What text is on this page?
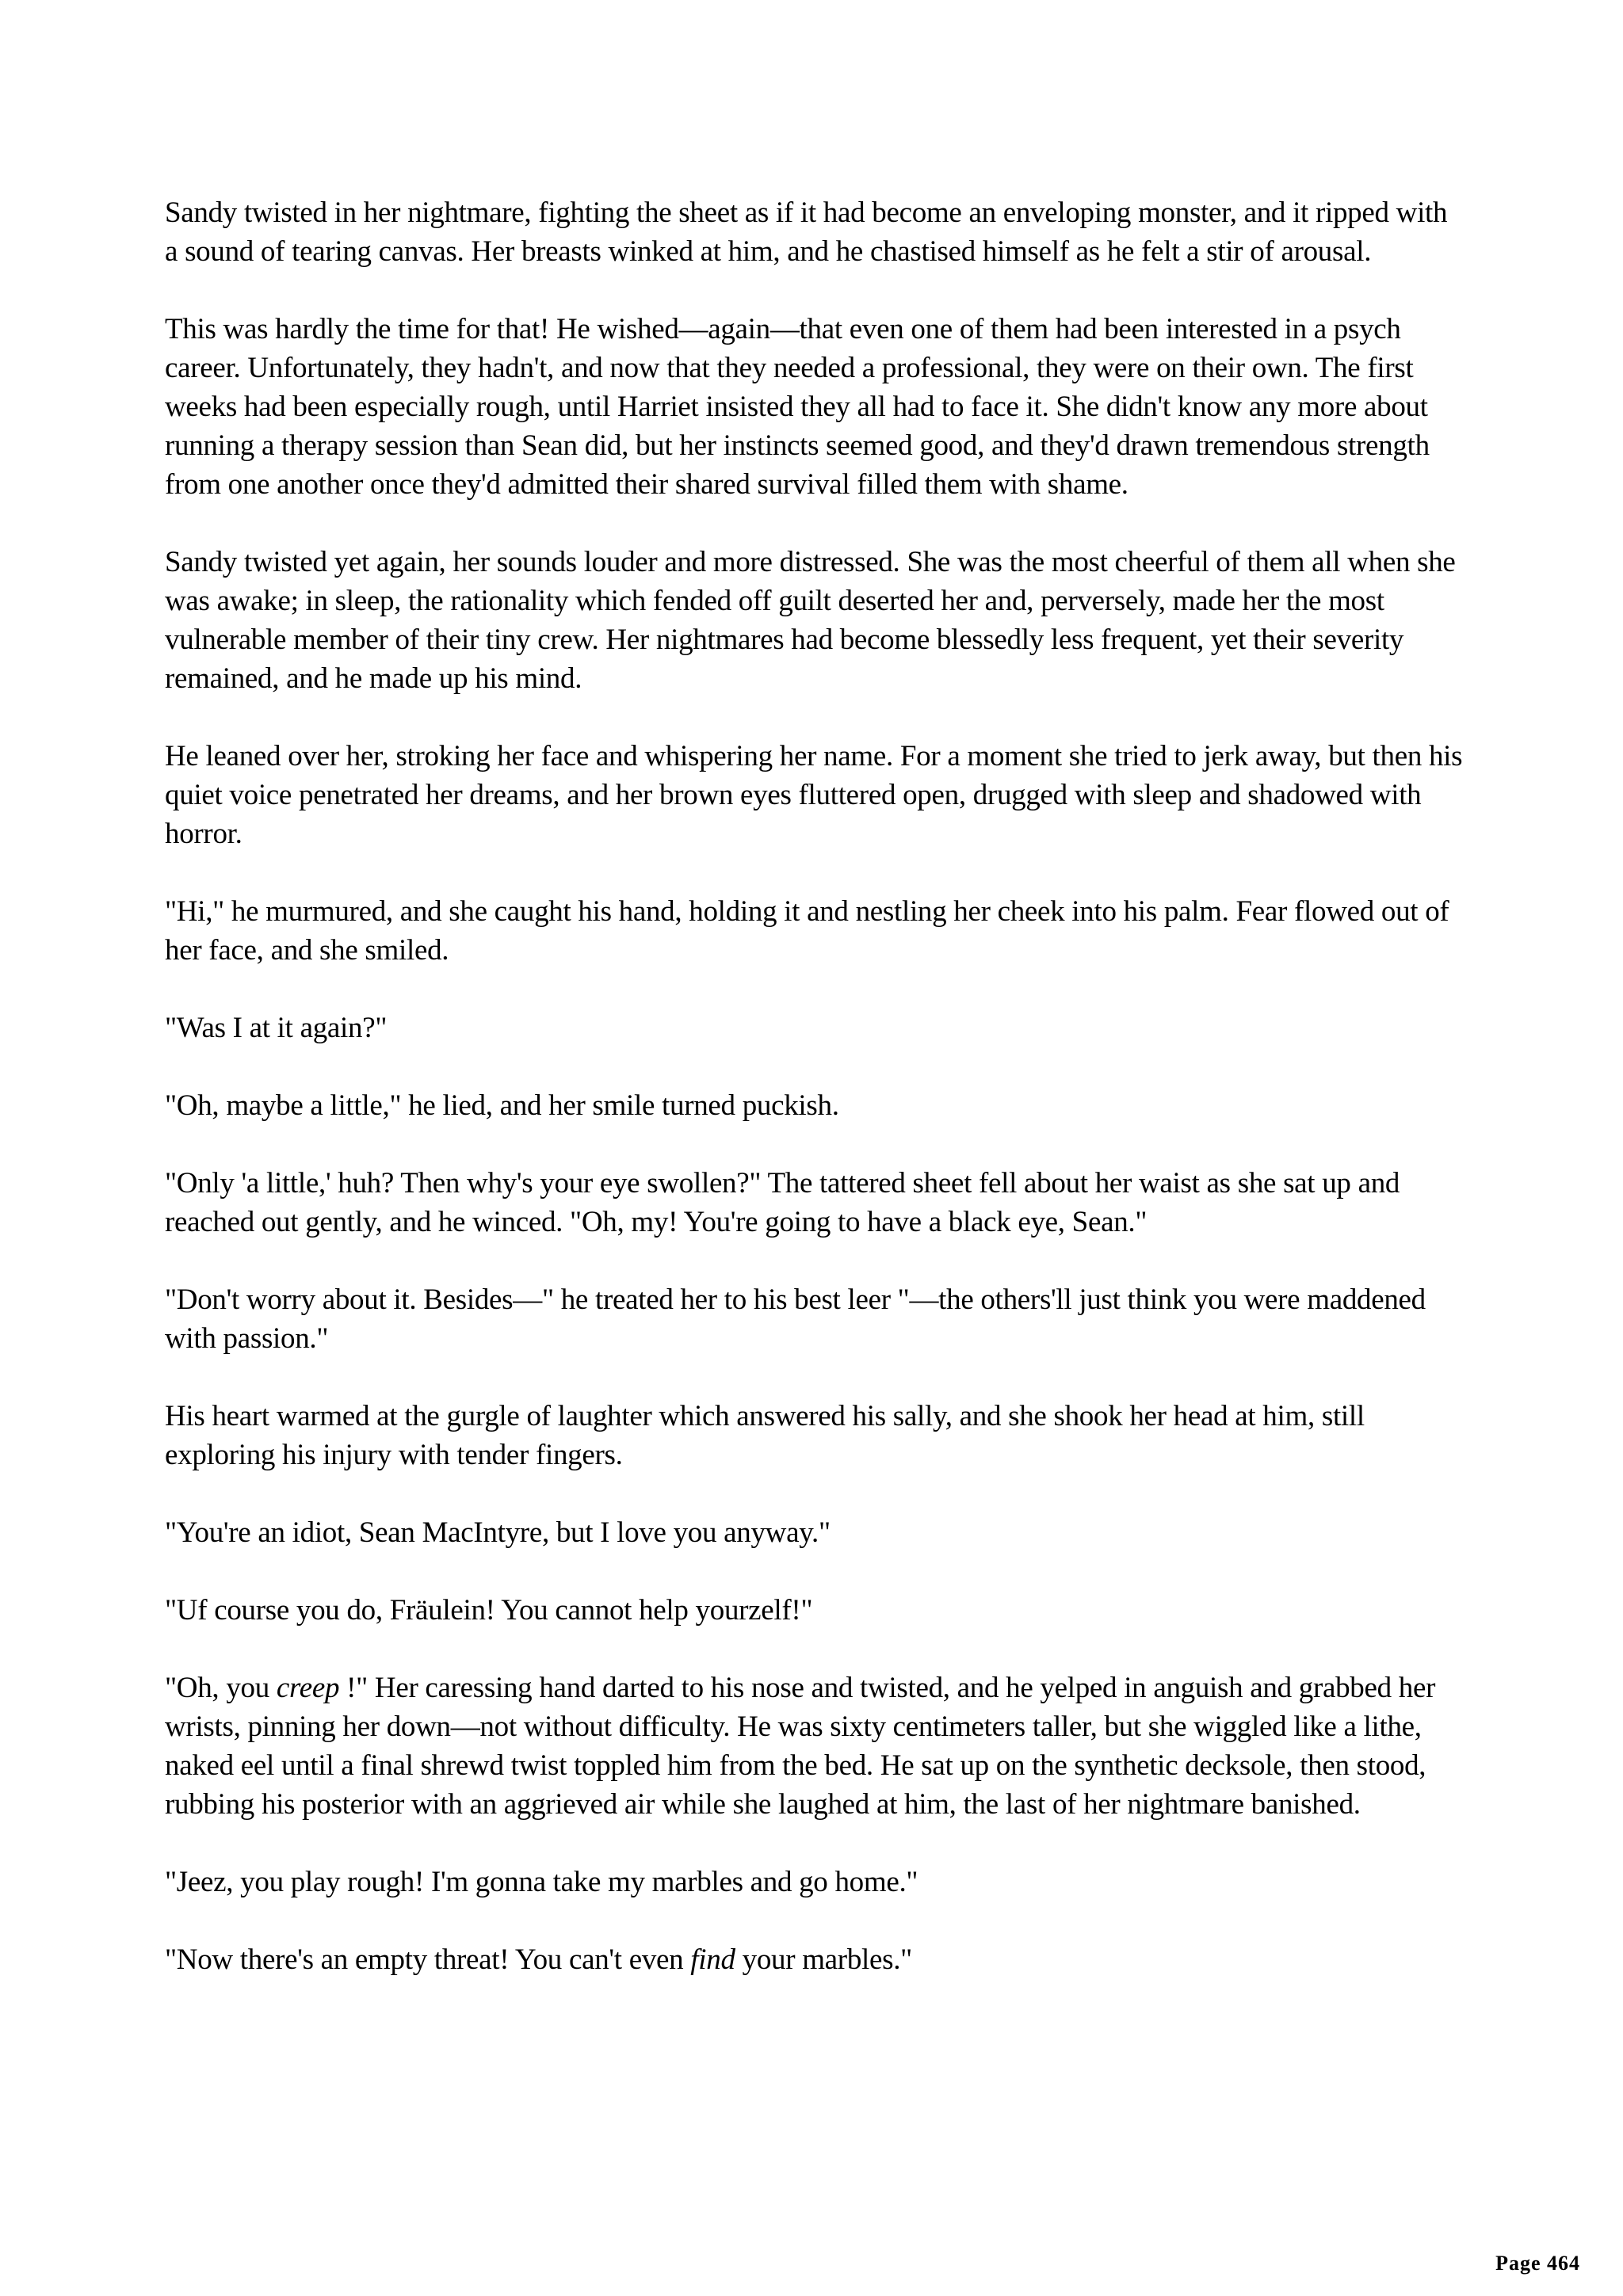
Sandy twisted in her nightmare, fighting the sheet as if it had become an enveloping monster, and it ripped with a sound of tearing canvas. Her breasts winked at him, and he chastised himself as he felt a stir of arousal.

This was hardly the time for that! He wished—again—that even one of them had been interested in a psych career. Unfortunately, they hadn't, and now that they needed a professional, they were on their own. The first weeks had been especially rough, until Harriet insisted they all had to face it. She didn't know any more about running a therapy session than Sean did, but her instincts seemed good, and they'd drawn tremendous strength from one another once they'd admitted their shared survival filled them with shame.

Sandy twisted yet again, her sounds louder and more distressed. She was the most cheerful of them all when she was awake; in sleep, the rationality which fended off guilt deserted her and, perversely, made her the most vulnerable member of their tiny crew. Her nightmares had become blessedly less frequent, yet their severity remained, and he made up his mind.

He leaned over her, stroking her face and whispering her name. For a moment she tried to jerk away, but then his quiet voice penetrated her dreams, and her brown eyes fluttered open, drugged with sleep and shadowed with horror.

"Hi," he murmured, and she caught his hand, holding it and nestling her cheek into his palm. Fear flowed out of her face, and she smiled.

"Was I at it again?"

"Oh, maybe a little," he lied, and her smile turned puckish.

"Only 'a little,' huh? Then why's your eye swollen?" The tattered sheet fell about her waist as she sat up and reached out gently, and he winced. "Oh, my! You're going to have a black eye, Sean."

"Don't worry about it. Besides—" he treated her to his best leer "—the others'll just think you were maddened with passion."

His heart warmed at the gurgle of laughter which answered his sally, and she shook her head at him, still exploring his injury with tender fingers.

"You're an idiot, Sean MacIntyre, but I love you anyway."

"Uf course you do, Fräulein! You cannot help yourzelf!"

"Oh, you creep !" Her caressing hand darted to his nose and twisted, and he yelped in anguish and grabbed her wrists, pinning her down—not without difficulty. He was sixty centimeters taller, but she wiggled like a lithe, naked eel until a final shrewd twist toppled him from the bed. He sat up on the synthetic decksole, then stood, rubbing his posterior with an aggrieved air while she laughed at him, the last of her nightmare banished.

"Jeez, you play rough! I'm gonna take my marbles and go home."

"Now there's an empty threat! You can't even find your marbles."

Page 464
